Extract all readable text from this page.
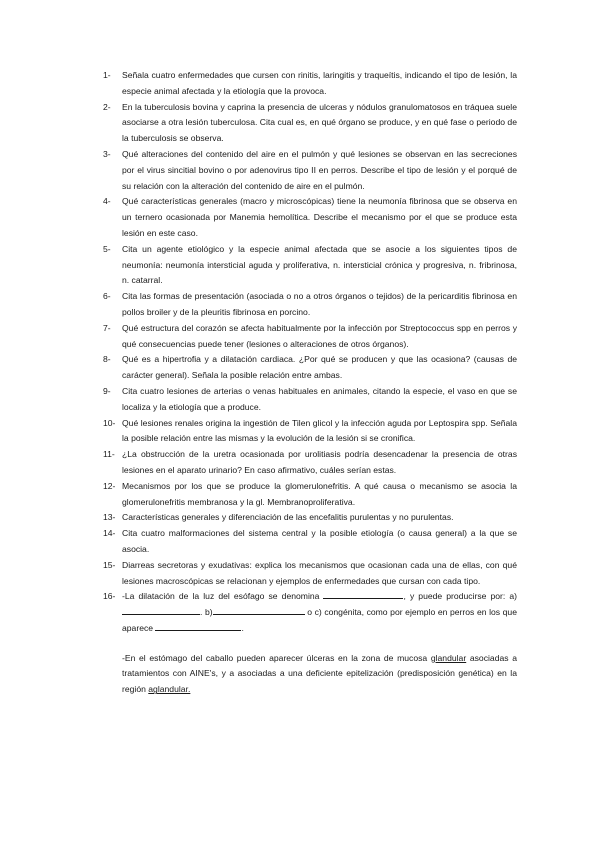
1-	Señala cuatro enfermedades que cursen con rinitis, laringitis y traqueítis, indicando el tipo de lesión, la especie animal afectada y la etiología que la provoca.
2-	En la tuberculosis bovina y caprina la presencia de ulceras y nódulos granulomatosos en tráquea suele asociarse a otra lesión tuberculosa. Cita cual es, en qué órgano se produce, y en qué fase o periodo de la tuberculosis se observa.
3-	Qué alteraciones del contenido del aire en el pulmón y qué lesiones se observan en las secreciones por el virus sincitial bovino o por adenovirus tipo II en perros. Describe el tipo de lesión y el porqué de su relación con la alteración del contenido de aire en el pulmón.
4-	Qué características generales (macro y microscópicas) tiene la neumonía fibrinosa que se observa en un ternero ocasionada por Manemia hemolítica. Describe el mecanismo por el que se produce esta lesión en este caso.
5-	Cita un agente etiológico y la especie animal afectada que se asocie a los siguientes tipos de neumonía: neumonía intersticial aguda y proliferativa, n. intersticial crónica y progresiva, n. fribrinosa, n. catarral.
6-	Cita las formas de presentación (asociada o no a otros órganos o tejidos) de la pericarditis fibrinosa en pollos broiler y de la pleuritis fibrinosa en porcino.
7-	Qué estructura del corazón se afecta habitualmente por la infección por Streptococcus spp en perros y qué consecuencias puede tener (lesiones o alteraciones de otros órganos).
8-	Qué es a hipertrofia y a dilatación cardiaca. ¿Por qué se producen y que las ocasiona? (causas de carácter general). Señala la posible relación entre ambas.
9-	Cita cuatro lesiones de arterias o venas habituales en animales, citando la especie, el vaso en que se localiza y la etiología que a produce.
10- Qué lesiones renales origina la ingestión de Tilen glicol y la infección aguda por Leptospira spp. Señala la posible relación entre las mismas y la evolución de la lesión si se cronifica.
11- ¿La obstrucción de la uretra ocasionada por urolitiasis podría desencadenar la presencia de otras lesiones en el aparato urinario? En caso afirmativo, cuáles serían estas.
12- Mecanismos por los que se produce la glomerulonefritis. A qué causa o mecanismo se asocia la glomerulonefritis membranosa y la gl. Membranoproliferativa.
13- Características generales y diferenciación de las encefalitis purulentas y no purulentas.
14- Cita cuatro malformaciones del sistema central y la posible etiología (o causa general) a la que se asocia.
15- Diarreas secretoras y exudativas: explica los mecanismos que ocasionan cada una de ellas, con qué lesiones macroscópicas se relacionan y ejemplos de enfermedades que cursan con cada tipo.
16- -La dilatación de la luz del esófago se denomina	, y puede producirse por: a). b)	o c) congénita, como por ejemplo en perros en los que aparece	.
-En el estómago del caballo pueden aparecer úlceras en la zona de mucosa glandular asociadas a tratamientos con AINE's, y a asociadas a una deficiente epitelización (predisposición genética) en la región aglandular.
